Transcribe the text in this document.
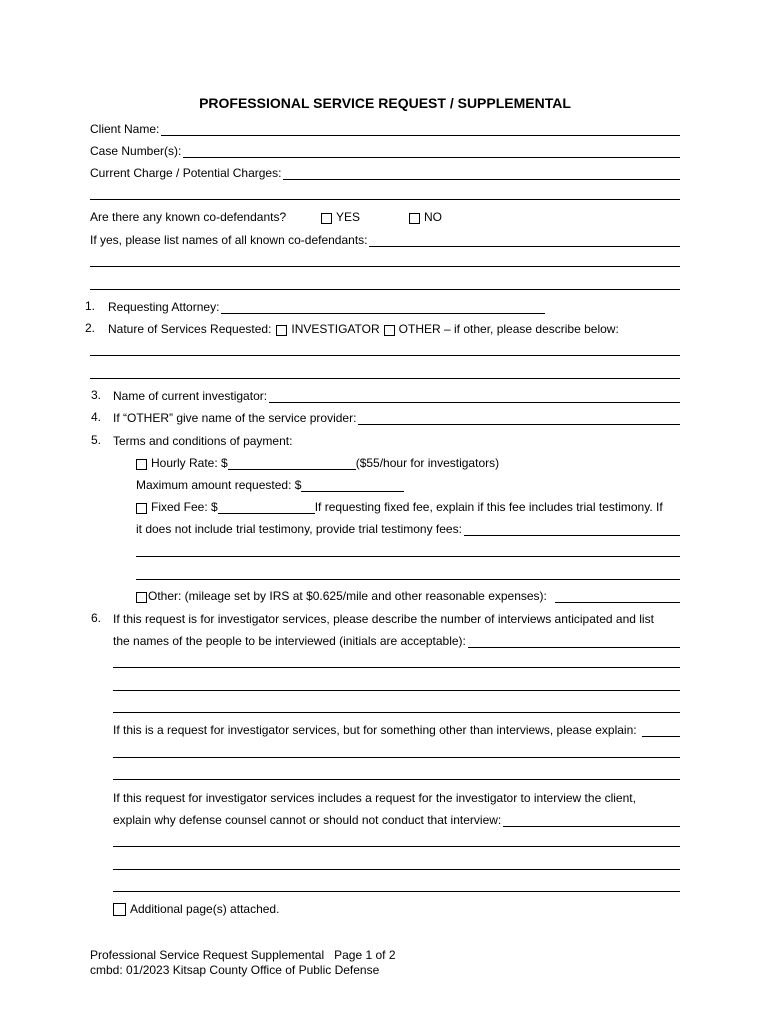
PROFESSIONAL SERVICE REQUEST / SUPPLEMENTAL
Client Name:
Case Number(s):
Current Charge / Potential Charges:
Are there any known co-defendants?	YES	NO
If yes, please list names of all known co-defendants:
1. Requesting Attorney:
2. Nature of Services Requested: INVESTIGATOR OTHER – if other, please describe below:
3. Name of current investigator:
4. If “OTHER” give name of the service provider:
5. Terms and conditions of payment:
Hourly Rate: $	($55/hour for investigators)
Maximum amount requested: $
Fixed Fee: $	If requesting fixed fee, explain if this fee includes trial testimony. If
it does not include trial testimony, provide trial testimony fees:
Other: (mileage set by IRS at $0.625/mile and other reasonable expenses):
6. If this request is for investigator services, please describe the number of interviews anticipated and list
the names of the people to be interviewed (initials are acceptable):
If this is a request for investigator services, but for something other than interviews, please explain:
If this request for investigator services includes a request for the investigator to interview the client,
explain why defense counsel cannot or should not conduct that interview:
Additional page(s) attached.
Professional Service Request Supplemental   Page 1 of 2
cmbd: 01/2023 Kitsap County Office of Public Defense
